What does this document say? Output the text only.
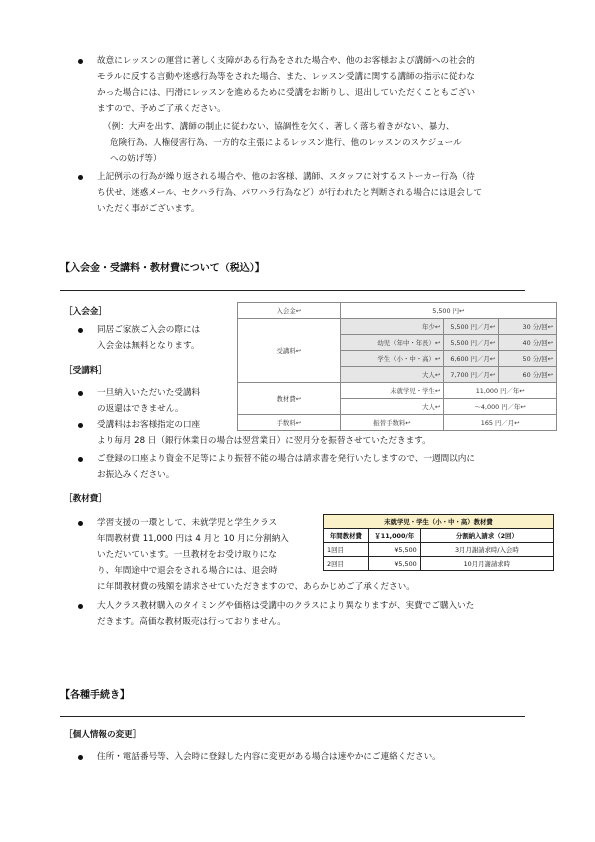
故意にレッスンの運営に著しく支障がある行為をされた場合や、他のお客様および講師への社会的
モラルに反する言動や迷惑行為等をされた場合、また、レッスン受講に関する講師の指示に従わな
かった場合には、円滑にレッスンを進めるために受講をお断りし、退出していただくこともござい
ますので、予めご了承ください。
（例：大声を出す、講師の制止に従わない、協調性を欠く、著しく落ち着きがない、暴力、
危険行為、人権侵害行為、一方的な主張によるレッスン進行、他のレッスンのスケジュール
への妨げ等）
上記例示の行為が繰り返される場合や、他のお客様、講師、スタッフに対するストーカー行為（待
ち伏せ、迷惑メール、セクハラ行為、パワハラ行為など）が行われたと判断される場合には退会して
いただく事がございます。
【入会金・受講料・教材費について（税込）】
［入会金］
同居ご家族ご入会の際には
入会金は無料となります。
［受講料］
一旦納入いただいた受講料
の返還はできません。
受講料はお客様指定の口座
より毎月 28 日（銀行休業日の場合は翌営業日）に翌月分を振替させていただきます。
ご登録の口座より資金不足等により振替不能の場合は請求書を発行いたしますので、一週間以内に
お振込みください。
入会金↩	5,500 円↩		
受講料↩	年少↩	5,500 円／月↩	30 分/回↩
	幼児（年中・年長）↩	5,500 円／月↩	40 分/回↩
	学生（小・中・高）↩	6,600 円／月↩	50 分/回↩
	大人↩	7,700 円／月↩	60 分/回↩
教材費↩	未就学児・学生↩	11,000 円／年↩	
	大人↩	～4,000 円／年↩	
手数料↩	振替手数料↩	165 円／月↩	
［教材費］
学習支援の一環として、未就学児と学生クラス
年間教材費 11,000 円は 4 月と 10 月に分割納入
いただいています。一旦教材をお受け取りにな
り、年間途中で退会をされる場合には、退会時
に年間教材費の残額を請求させていただきますので、あらかじめご了承ください。
大人クラス教材購入のタイミングや価格は受講中のクラスにより異なりますが、実費でご購入いた
だきます。高価な教材販売は行っておりません。
未就学児・学生（小・中・高）教材費		
年間教材費	￥11,000/年	分割納入請求（2回）
1回目	¥5,500	3月月謝請求時/入会時
2回目	¥5,500	10月月謝請求時
【各種手続き】
［個人情報の変更］
住所・電話番号等、入会時に登録した内容に変更がある場合は速やかにご連絡ください。
